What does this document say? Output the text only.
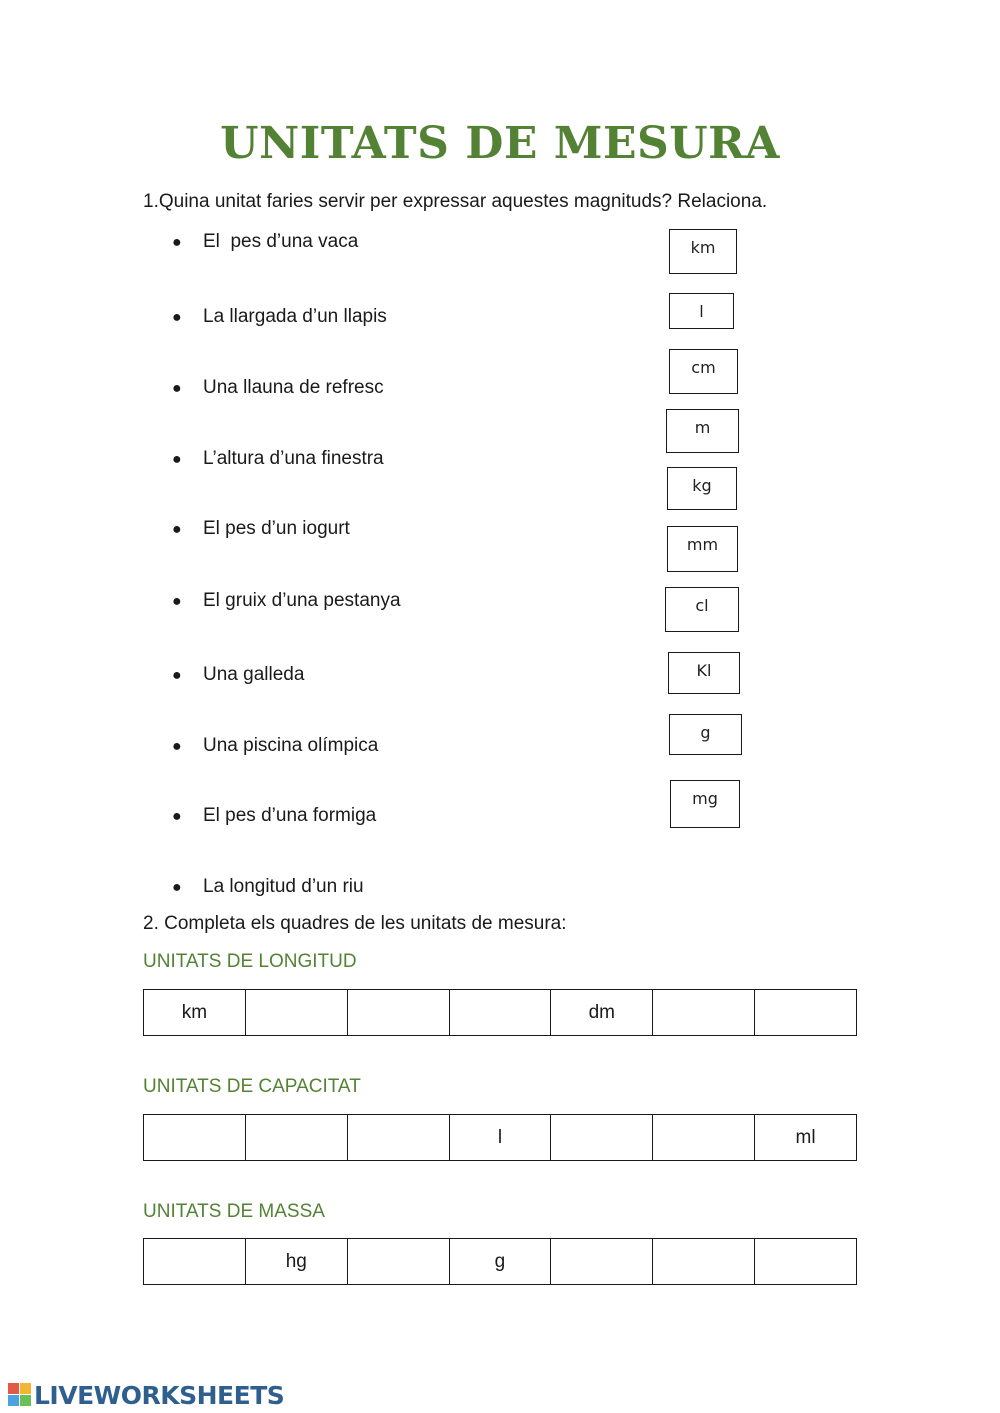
UNITATS DE MESURA
1.Quina unitat faries servir per expressar aquestes magnituds? Relaciona.
● El  pes d’una vaca
● La llargada d’un llapis
● Una llauna de refresc
● L’altura d’una finestra
● El pes d’un iogurt
● El gruix d’una pestanya
● Una galleda
● Una piscina olímpica
● El pes d’una formiga
● La longitud d’un riu
km
l
cm
m
kg
mm
cl
Kl
g
mg
2. Completa els quadres de les unitats de mesura:
UNITATS DE LONGITUD
km				dm		
UNITATS DE CAPACITAT
			l			ml
UNITATS DE MASSA
	hg		g			
LIVEWORKSHEETS
